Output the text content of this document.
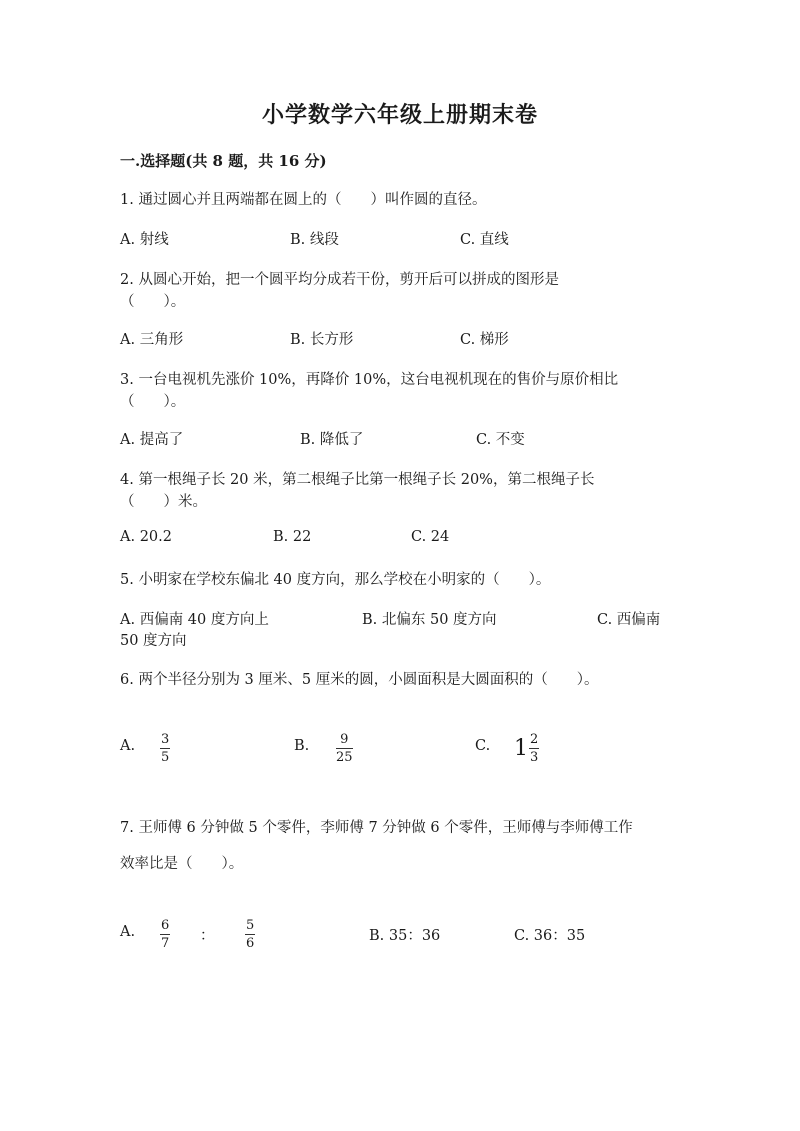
小学数学六年级上册期末卷
一.选择题(共 8 题，共 16 分)
1. 通过圆心并且两端都在圆上的（　　）叫作圆的直径。
A. 射线	B. 线段	C. 直线
2. 从圆心开始，把一个圆平均分成若干份，剪开后可以拼成的图形是
（　　）。
A. 三角形	B. 长方形	C. 梯形
3. 一台电视机先涨价 10%，再降价 10%，这台电视机现在的售价与原价相比
（　　）。
A. 提高了	B. 降低了	C. 不变
4. 第一根绳子长 20 米，第二根绳子比第一根绳子长 20%，第二根绳子长
（　　）米。
A. 20.2	B. 22	C. 24
5. 小明家在学校东偏北 40 度方向，那么学校在小明家的（　　）。
A. 西偏南 40 度方向上	B. 北偏东 50 度方向	C. 西偏南
50 度方向
6. 两个半径分别为 3 厘米、5 厘米的圆，小圆面积是大圆面积的（　　）。
A. 3
5
B. 9
25
C. $1 \frac{2}{3}$
7. 王师傅 6 分钟做 5 个零件，李师傅 7 分钟做 6 个零件，王师傅与李师傅工作
效率比是（　　）。
A. 6
7 ：
5
6	B. 35：36	C. 36：35
